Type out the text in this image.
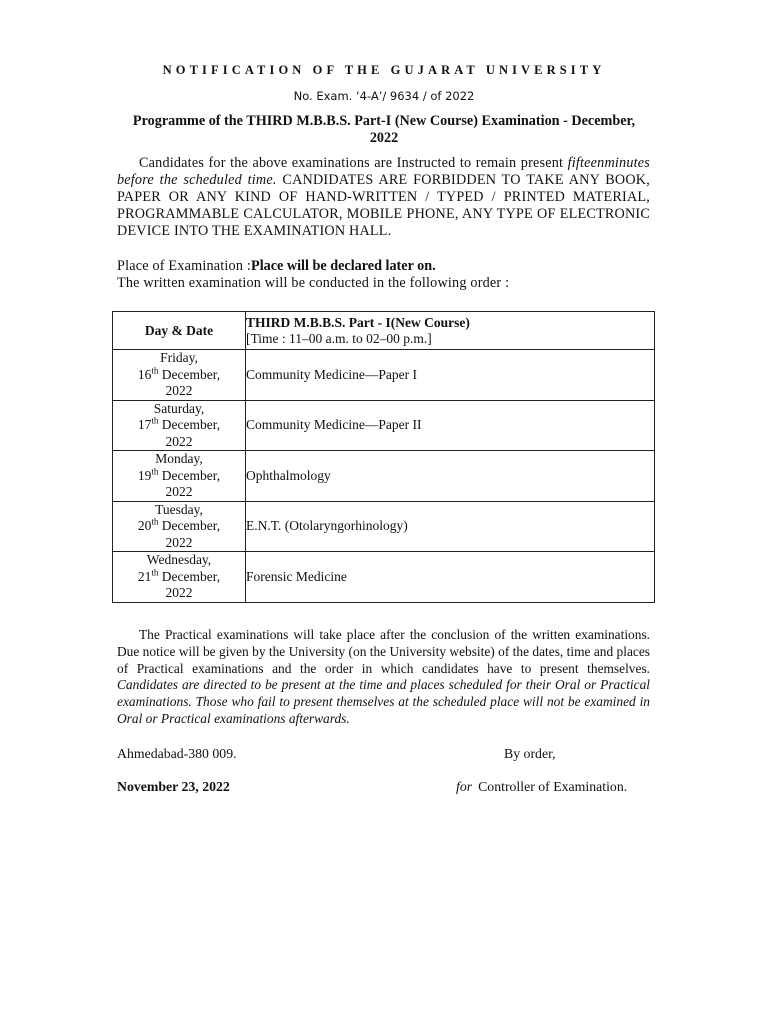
NOTIFICATION OF THE GUJARAT UNIVERSITY
No. Exam. ‘4-A’/ 9634 / of 2022
Programme of the THIRD M.B.B.S. Part-I (New Course) Examination - December, 2022
Candidates for the above examinations are Instructed to remain present fifteenminutes before the scheduled time. CANDIDATES ARE FORBIDDEN TO TAKE ANY BOOK, PAPER OR ANY KIND OF HAND-WRITTEN / TYPED / PRINTED MATERIAL, PROGRAMMABLE CALCULATOR, MOBILE PHONE, ANY TYPE OF ELECTRONIC DEVICE INTO THE EXAMINATION HALL.
Place of Examination :Place will be declared later on.
The written examination will be conducted in the following order :
Day & Date	THIRD M.B.B.S. Part - I(New Course)
[Time : 11–00 a.m. to 02–00 p.m.]

Friday,
16th December,
2022	Community Medicine—Paper I
Saturday,
17th December,
2022	Community Medicine—Paper II
Monday,
19th December,
2022	Ophthalmology
Tuesday,
20th December,
2022	E.N.T. (Otolaryngorhinology)
Wednesday,
21th December,
2022	Forensic Medicine
The Practical examinations will take place after the conclusion of the written examinations. Due notice will be given by the University (on the University website) of the dates, time and places of Practical examinations and the order in which candidates have to present themselves. Candidates are directed to be present at the time and places scheduled for their Oral or Practical examinations. Those who fail to present themselves at the scheduled place will not be examined in Oral or Practical examinations afterwards.
Ahmedabad-380 009.	By order,
November 23, 2022	for Controller of Examination.
